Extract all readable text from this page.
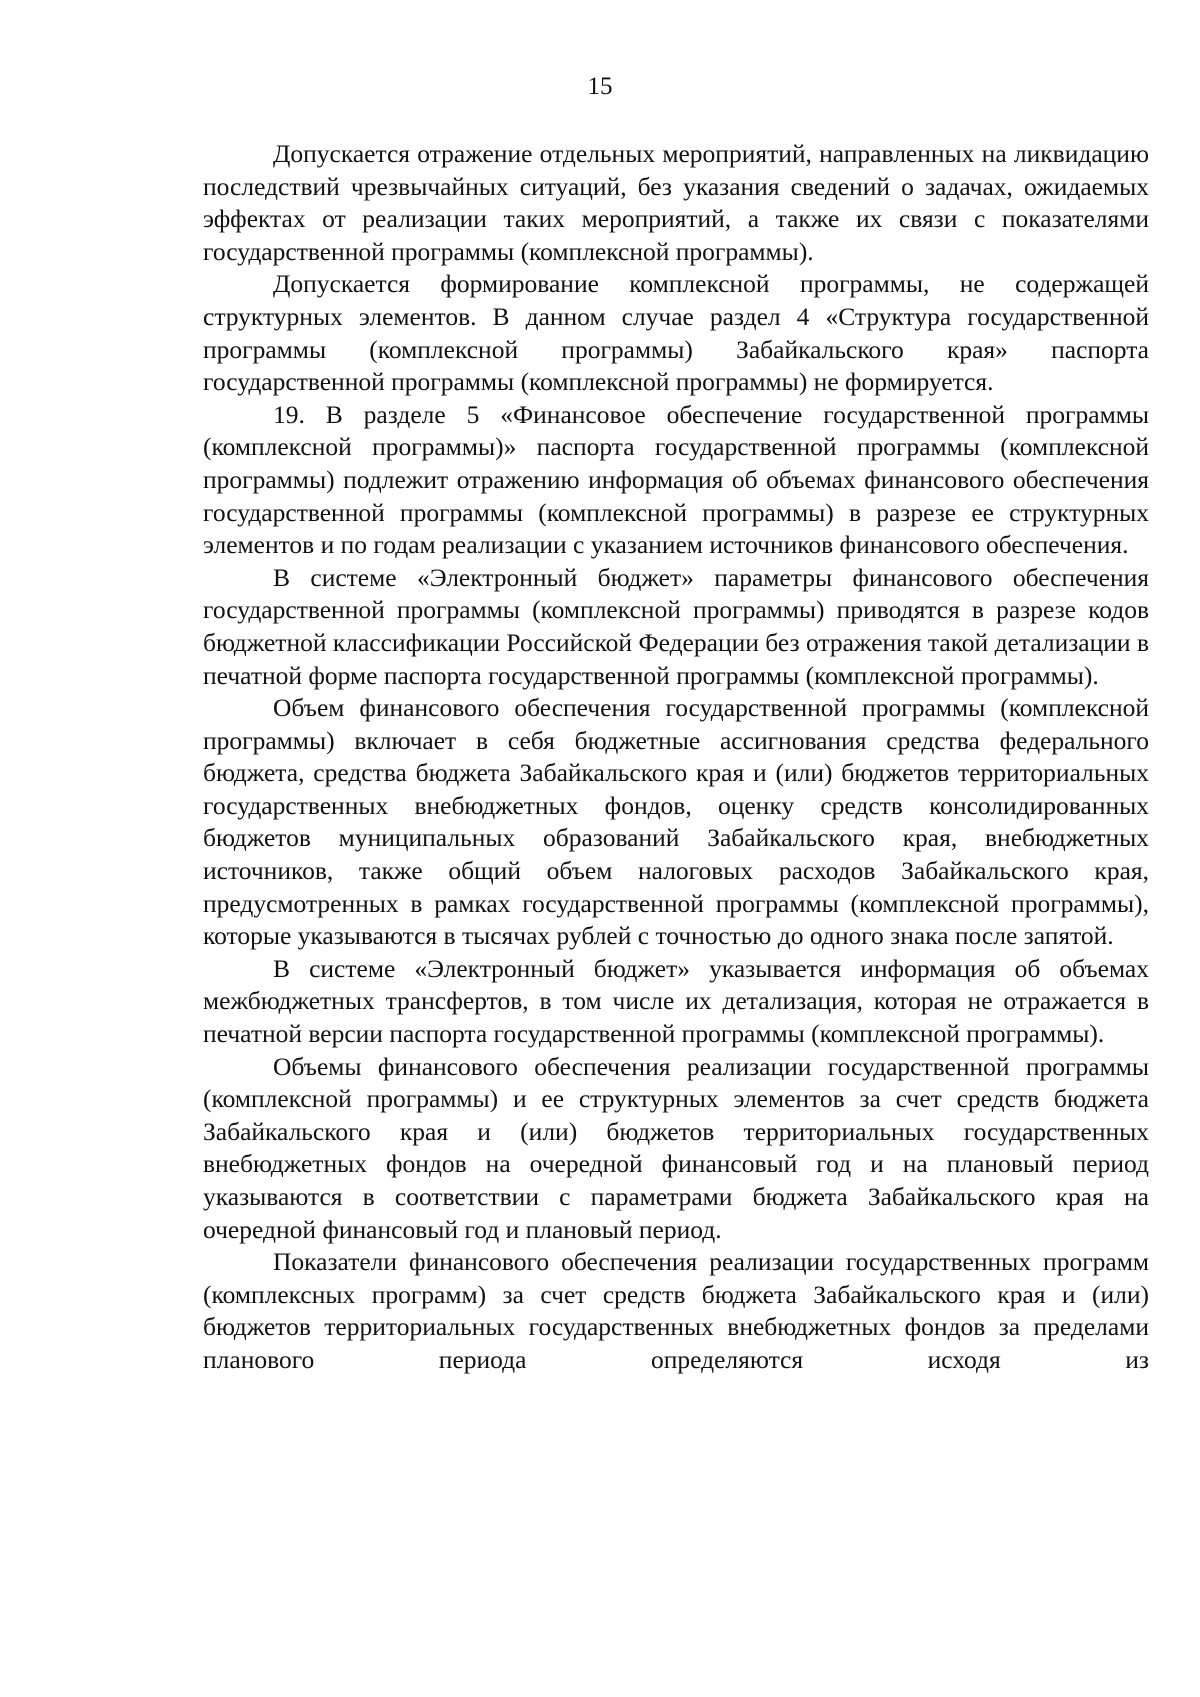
15

Допускается отражение отдельных мероприятий, направленных на ликвидацию последствий чрезвычайных ситуаций, без указания сведений о задачах, ожидаемых эффектах от реализации таких мероприятий, а также их связи с показателями государственной программы (комплексной программы).

Допускается формирование комплексной программы, не содержащей структурных элементов. В данном случае раздел 4 «Структура государственной программы (комплексной программы) Забайкальского края» паспорта государственной программы (комплексной программы) не формируется.

19. В разделе 5 «Финансовое обеспечение государственной программы (комплексной программы)» паспорта государственной программы (комплексной программы) подлежит отражению информация об объемах финансового обеспечения государственной программы (комплексной программы) в разрезе ее структурных элементов и по годам реализации с указанием источников финансового обеспечения.

В системе «Электронный бюджет» параметры финансового обеспечения государственной программы (комплексной программы) приводятся в разрезе кодов бюджетной классификации Российской Федерации без отражения такой детализации в печатной форме паспорта государственной программы (комплексной программы).

Объем финансового обеспечения государственной программы (комплексной программы) включает в себя бюджетные ассигнования средства федерального бюджета, средства бюджета Забайкальского края и (или) бюджетов территориальных государственных внебюджетных фондов, оценку средств консолидированных бюджетов муниципальных образований Забайкальского края, внебюджетных источников, также общий объем налоговых расходов Забайкальского края, предусмотренных в рамках государственной программы (комплексной программы), которые указываются в тысячах рублей с точностью до одного знака после запятой.

В системе «Электронный бюджет» указывается информация об объемах межбюджетных трансфертов, в том числе их детализация, которая не отражается в печатной версии паспорта государственной программы (комплексной программы).

Объемы финансового обеспечения реализации государственной программы (комплексной программы) и ее структурных элементов за счет средств бюджета Забайкальского края и (или) бюджетов территориальных государственных внебюджетных фондов на очередной финансовый год и на плановый период указываются в соответствии с параметрами бюджета Забайкальского края на очередной финансовый год и плановый период.

Показатели финансового обеспечения реализации государственных программ (комплексных программ) за счет средств бюджета Забайкальского края и (или) бюджетов территориальных государственных внебюджетных фондов за пределами планового периода определяются исходя из
